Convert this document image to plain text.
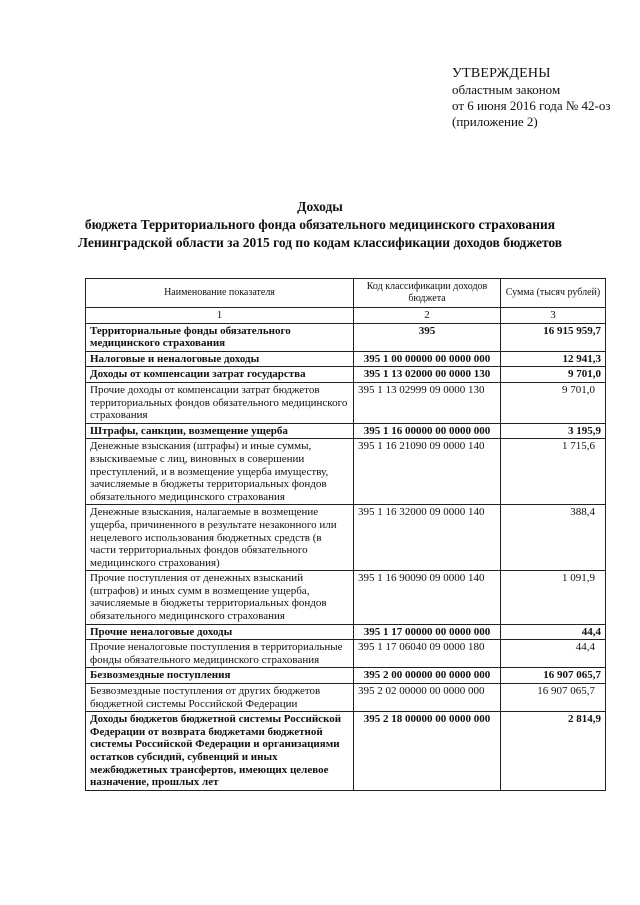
УТВЕРЖДЕНЫ
областным законом
от 6 июня 2016 года № 42-оз
(приложение 2)
Доходы
бюджета Территориального фонда обязательного медицинского страхования
Ленинградской области за 2015 год по кодам классификации доходов бюджетов
Наименование показателя	Код классификации доходов бюджета	Сумма (тысяч рублей)
1	2	3
Территориальные фонды обязательного медицинского страхования	395	16 915 959,7
Налоговые и неналоговые доходы	395 1 00 00000 00 0000 000	12 941,3
Доходы от компенсации затрат государства	395 1 13 02000 00 0000 130	9 701,0
Прочие доходы от компенсации затрат бюджетов территориальных фондов обязательного медицинского страхования	395 1 13 02999 09 0000 130	9 701,0
Штрафы, санкции, возмещение ущерба	395 1 16 00000 00 0000 000	3 195,9
Денежные взыскания (штрафы) и иные суммы, взыскиваемые с лиц, виновных в совершении преступлений, и в возмещение ущерба имуществу, зачисляемые в бюджеты территориальных фондов обязательного медицинского страхования	395 1 16 21090 09 0000 140	1 715,6
Денежные взыскания, налагаемые в возмещение ущерба, причиненного в результате незаконного или нецелевого использования бюджетных средств (в части территориальных фондов обязательного медицинского страхования)	395 1 16 32000 09 0000 140	388,4
Прочие поступления от денежных взысканий (штрафов) и иных сумм в возмещение ущерба, зачисляемые в бюджеты территориальных фондов обязательного медицинского страхования	395 1 16 90090 09 0000 140	1 091,9
Прочие неналоговые доходы	395 1 17 00000 00 0000 000	44,4
Прочие неналоговые поступления в территориальные фонды обязательного медицинского страхования	395 1 17 06040 09 0000 180	44,4
Безвозмездные поступления	395 2 00 00000 00 0000 000	16 907 065,7
Безвозмездные поступления от других бюджетов бюджетной системы Российской Федерации	395 2 02 00000 00 0000 000	16 907 065,7
Доходы бюджетов бюджетной системы Российской Федерации от возврата бюджетами бюджетной системы Российской Федерации и организациями остатков субсидий, субвенций и иных межбюджетных трансфертов, имеющих целевое назначение, прошлых лет	395 2 18 00000 00 0000 000	2 814,9
